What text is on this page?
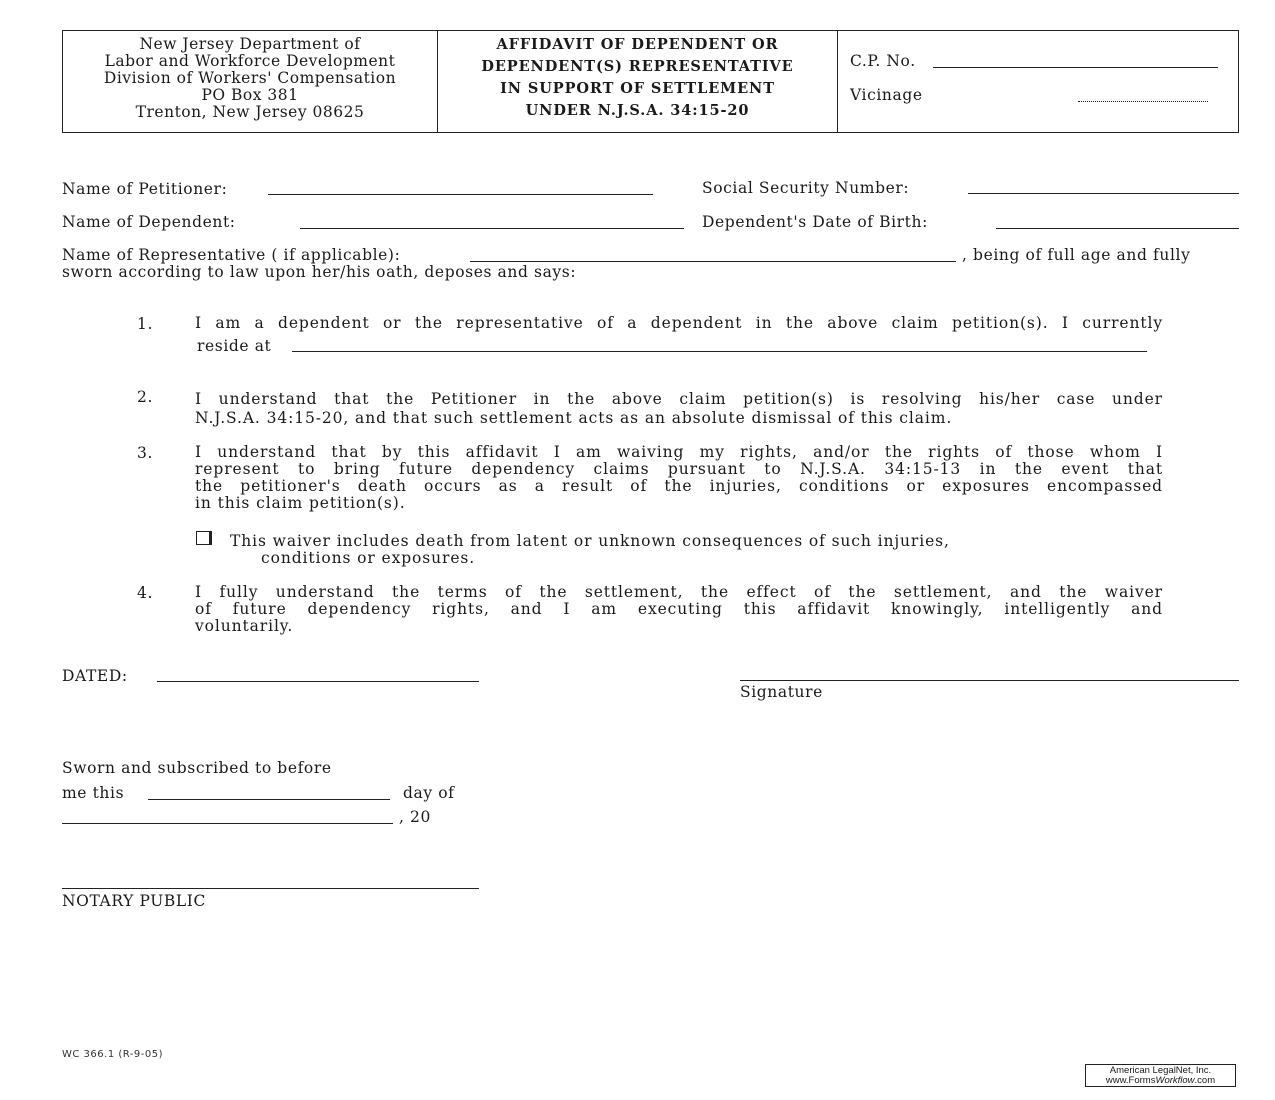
New Jersey Department of
Labor and Workforce Development
Division of Workers' Compensation
PO Box 381
Trenton, New Jersey 08625
AFFIDAVIT OF DEPENDENT OR
DEPENDENT(S) REPRESENTATIVE
IN SUPPORT OF SETTLEMENT
UNDER N.J.S.A. 34:15-20
C.P. No.
Vicinage
Name of Petitioner:	Social Security Number:
Name of Dependent:	Dependent's Date of Birth:
Name of Representative ( if applicable):	, being of full age and fully
sworn according to law upon her/his oath, deposes and says:
1.	I am a dependent or the representative of a dependent in the above claim petition(s). I currently
reside at
2.	I understand that the Petitioner in the above claim petition(s) is resolving his/her case under
N.J.S.A. 34:15-20, and that such settlement acts as an absolute dismissal of this claim.
3.	I understand that by this affidavit I am waiving my rights, and/or the rights of those whom I
represent to bring future dependency claims pursuant to N.J.S.A. 34:15-13 in the event that
the petitioner's death occurs as a result of the injuries, conditions or exposures encompassed
in this claim petition(s).
This waiver includes death from latent or unknown consequences of such injuries,
conditions or exposures.
4.	I fully understand the terms of the settlement, the effect of the settlement, and the waiver
of future dependency rights, and I am executing this affidavit knowingly, intelligently and
voluntarily.
DATED:
Signature
Sworn and subscribed to before
me this	day of
, 20
NOTARY PUBLIC
WC 366.1 (R-9-05)
American LegalNet, Inc.
www.FormsWorkflow.com
